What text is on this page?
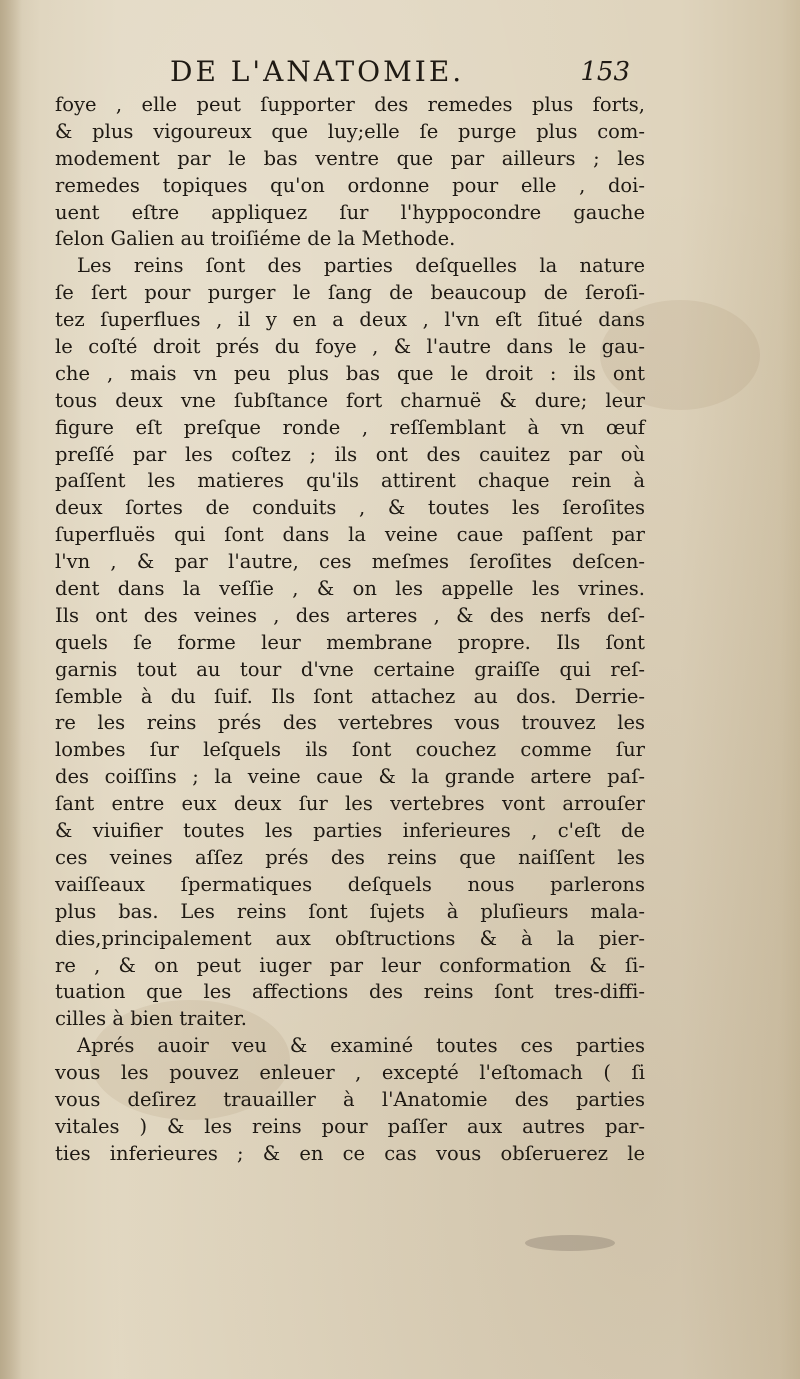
DE L'ANATOMIE.	153
foye , elle peut ſupporter des remedes plus forts,
& plus vigoureux que luy;elle ſe purge plus com-
modement par le bas ventre que par ailleurs ; les
remedes topiques qu'on ordonne pour elle , doi-
uent eſtre appliquez ſur l'hyppocondre gauche
ſelon Galien au troiſiéme de la Methode.
Les reins ſont des parties deſquelles la nature
ſe ſert pour purger le ſang de beaucoup de ſeroſi-
tez ſuperflues , il y en a deux , l'vn eſt ſitué dans
le coſté droit prés du foye , & l'autre dans le gau-
che , mais vn peu plus bas que le droit : ils ont
tous deux vne ſubſtance fort charnuë & dure; leur
figure eſt preſque ronde , reſſemblant à vn œuf
preſſé par les coſtez ; ils ont des cauitez par où
paſſent les matieres qu'ils attirent chaque rein à
deux ſortes de conduits , & toutes les ſeroſites
ſuperfluës qui ſont dans la veine caue paſſent par
l'vn , & par l'autre, ces meſmes ſeroſites deſcen-
dent dans la veſſie , & on les appelle les vrines.
Ils ont des veines , des arteres , & des nerfs deſ-
quels ſe forme leur membrane propre. Ils ſont
garnis tout au tour d'vne certaine graiſſe qui reſ-
ſemble à du ſuif. Ils ſont attachez au dos. Derrie-
re les reins prés des vertebres vous trouvez les
lombes ſur leſquels ils ſont couchez comme ſur
des coiſſins ; la veine caue & la grande artere paſ-
ſant entre eux deux ſur les vertebres vont arrouſer
& viuifier toutes les parties inferieures , c'eſt de
ces veines aſſez prés des reins que naiſſent les
vaiſſeaux ſpermatiques deſquels nous parlerons
plus bas. Les reins ſont ſujets à pluſieurs mala-
dies,principalement aux obſtructions & à la pier-
re , & on peut iuger par leur conformation & ſi-
tuation que les affections des reins ſont tres-diffi-
cilles à bien traiter.
Aprés auoir veu & examiné toutes ces parties
vous les pouvez enleuer , excepté l'eſtomach ( ſi
vous deſirez trauailler à l'Anatomie des parties
vitales ) & les reins pour paſſer aux autres par-
ties inferieures ; & en ce cas vous obſeruerez le
